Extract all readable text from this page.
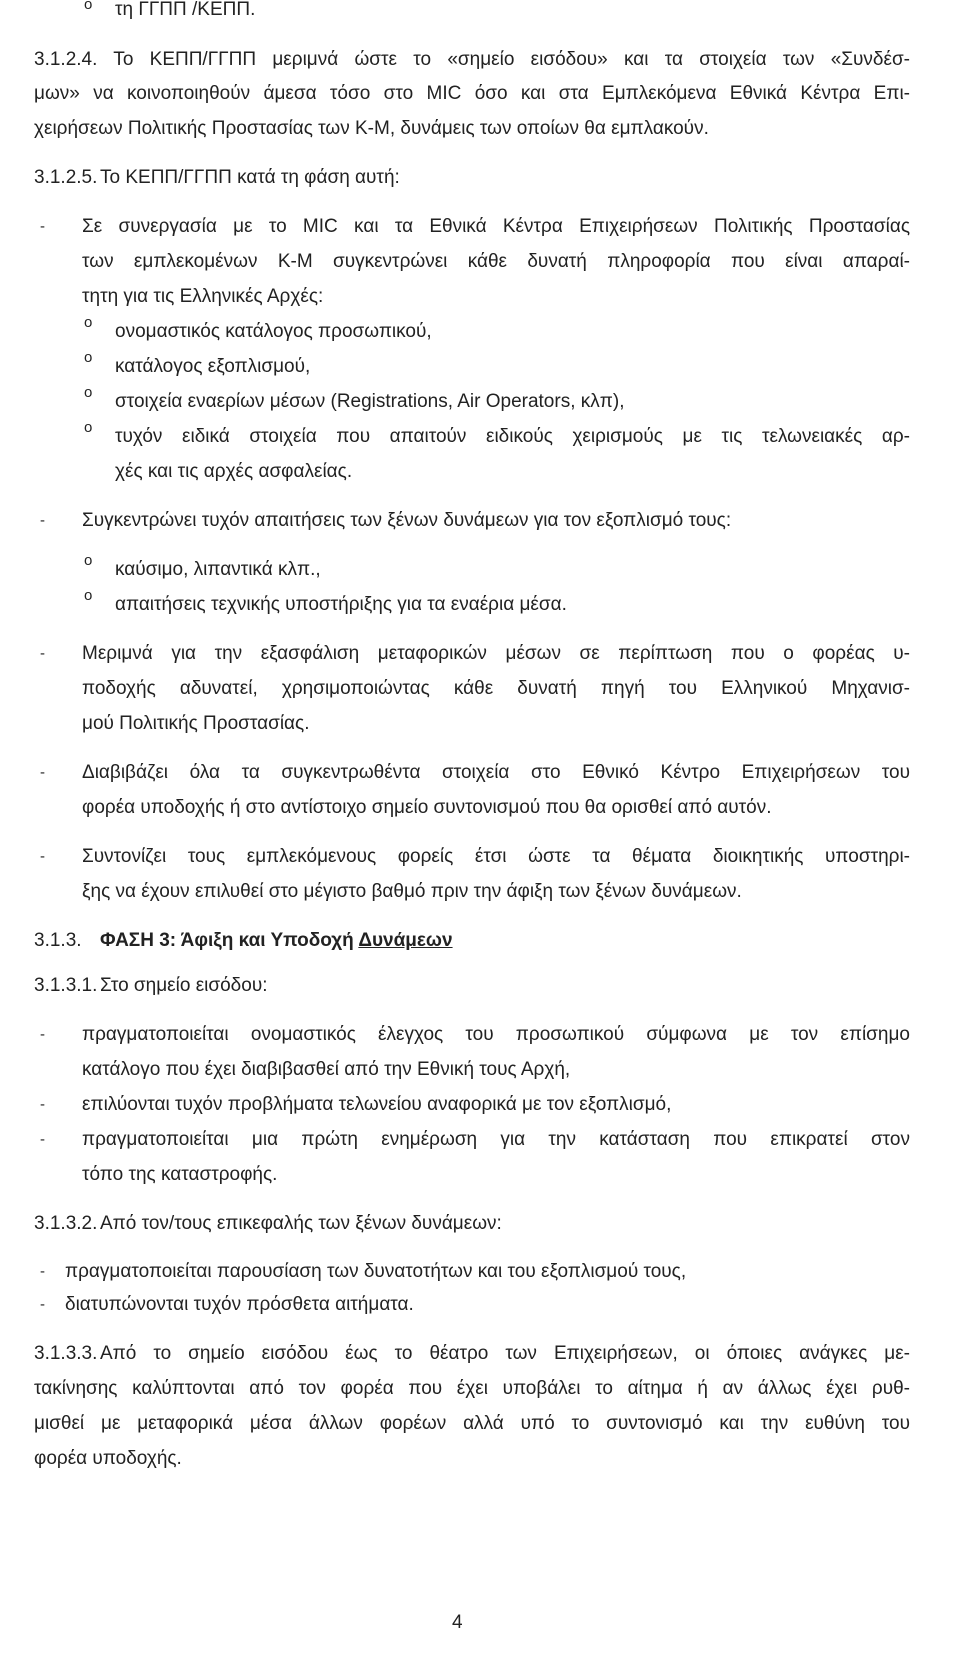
o τη ΓΓΠΠ /ΚΕΠΠ.
3.1.2.4. Το ΚΕΠΠ/ΓΓΠΠ μεριμνά ώστε το «σημείο εισόδου» και τα στοιχεία των «Συνδέσ-
μων» να κοινοποιηθούν άμεσα τόσο στο MIC όσο και στα Εμπλεκόμενα Εθνικά Κέντρα Επι-
χειρήσεων Πολιτικής Προστασίας των Κ-Μ, δυνάμεις των οποίων θα εμπλακούν.
3.1.2.5. Το ΚΕΠΠ/ΓΓΠΠ κατά τη φάση αυτή:
- Σε συνεργασία με το MIC και τα Εθνικά Κέντρα Επιχειρήσεων Πολιτικής Προστασίας
των εμπλεκομένων Κ-Μ συγκεντρώνει κάθε δυνατή πληροφορία που είναι απαραί-
τητη για τις Ελληνικές Αρχές:
o ονομαστικός κατάλογος προσωπικού,
o κατάλογος εξοπλισμού,
o στοιχεία εναερίων μέσων (Registrations, Air Operators, κλπ),
o τυχόν ειδικά στοιχεία που απαιτούν ειδικούς χειρισμούς με τις τελωνειακές αρ-
χές και τις αρχές ασφαλείας.
- Συγκεντρώνει τυχόν απαιτήσεις των ξένων δυνάμεων για τον εξοπλισμό τους:
o καύσιμο, λιπαντικά κλπ.,
o απαιτήσεις τεχνικής υποστήριξης για τα εναέρια μέσα.
- Μεριμνά για την εξασφάλιση μεταφορικών μέσων σε περίπτωση που ο φορέας υ-
ποδοχής αδυνατεί, χρησιμοποιώντας κάθε δυνατή πηγή του Ελληνικού Μηχανισ-
μού Πολιτικής Προστασίας.
- Διαβιβάζει όλα τα συγκεντρωθέντα στοιχεία στο Εθνικό Κέντρο Επιχειρήσεων του
φορέα υποδοχής ή στο αντίστοιχο σημείο συντονισμού που θα ορισθεί από αυτόν.
- Συντονίζει τους εμπλεκόμενους φορείς έτσι ώστε τα θέματα διοικητικής υποστηρι-
ξης να έχουν επιλυθεί στο μέγιστο βαθμό πριν την άφιξη των ξένων δυνάμεων.
3.1.3. ΦΑΣΗ 3: Άφιξη και Υποδοχή Δυνάμεων
3.1.3.1. Στο σημείο εισόδου:
- πραγματοποιείται ονομαστικός έλεγχος του προσωπικού σύμφωνα με τον επίσημο
κατάλογο που έχει διαβιβασθεί από την Εθνική τους Αρχή,
- επιλύονται τυχόν προβλήματα τελωνείου αναφορικά με τον εξοπλισμό,
- πραγματοποιείται μια πρώτη ενημέρωση για την κατάσταση που επικρατεί στον
τόπο της καταστροφής.
3.1.3.2. Από τον/τους επικεφαλής των ξένων δυνάμεων:
- πραγματοποιείται παρουσίαση των δυνατοτήτων και του εξοπλισμού τους,
- διατυπώνονται τυχόν πρόσθετα αιτήματα.
3.1.3.3. Από το σημείο εισόδου έως το θέατρο των Επιχειρήσεων, οι όποιες ανάγκες με-
τακίνησης καλύπτονται από τον φορέα που έχει υποβάλει το αίτημα ή αν άλλως έχει ρυθ-
μισθεί με μεταφορικά μέσα άλλων φορέων αλλά υπό το συντονισμό και την ευθύνη του
φορέα υποδοχής.
4
